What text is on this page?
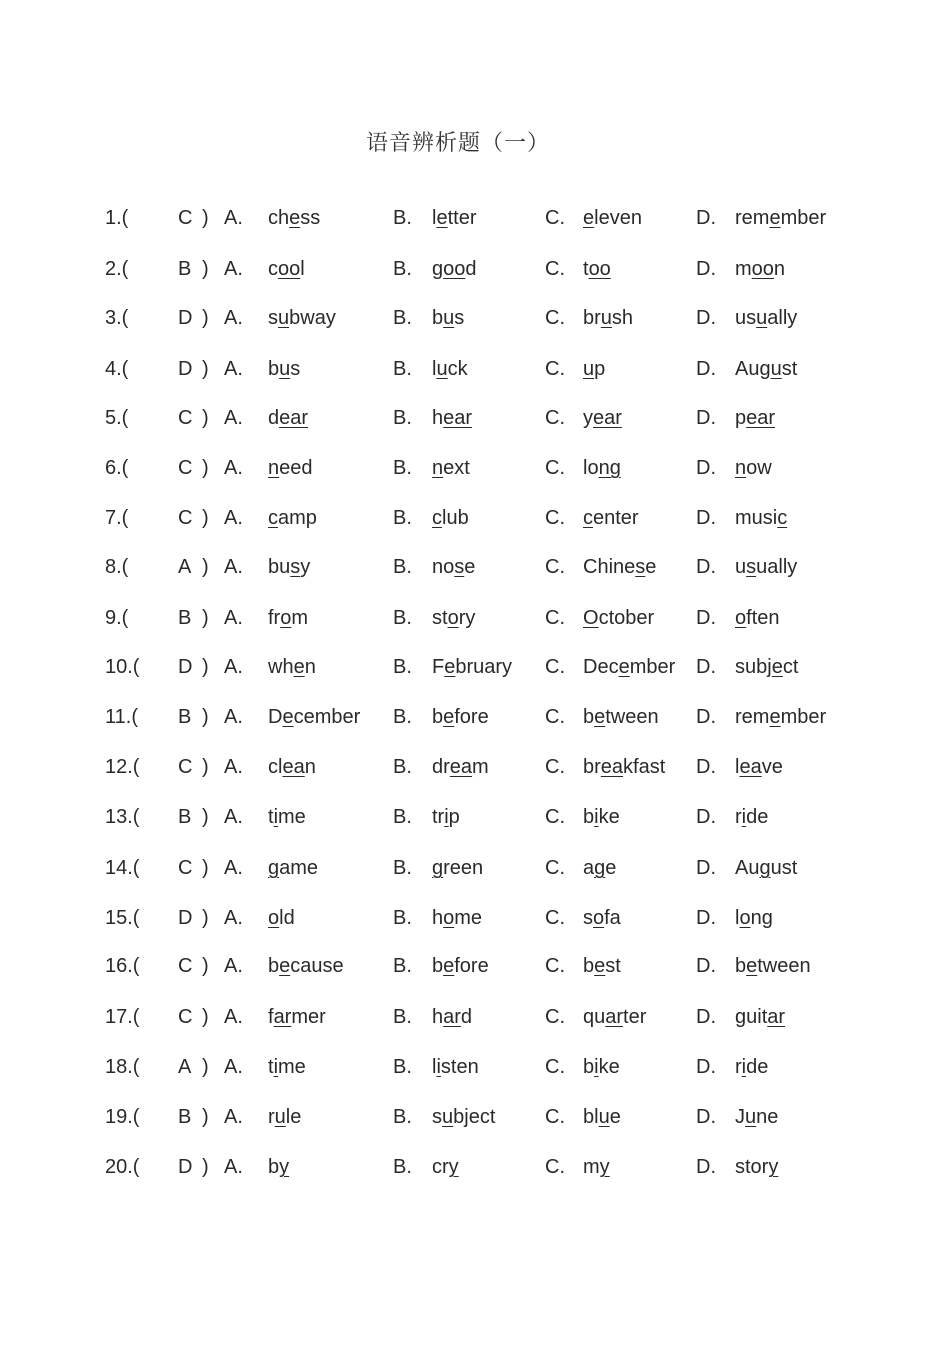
语音辨析题（一）
1.( C ) A. chess	B. letter	C. eleven	D. remember
2.( B ) A. cool	B. good	C. too	D. moon
3.( D ) A. subway	B. bus	C. brush	D. usually
4.( D ) A. bus	B. luck	C. up	D. August
5.( C ) A. dear	B. hear	C. year	D. pear
6.( C ) A. need	B. next	C. long	D. now
7.( C ) A. camp	B. club	C. center	D. music
8.( A ) A. busy	B. nose	C. Chinese D. usually
9.( B ) A. from	B. story	C. October D. often
10.( D ) A. when	B. February C. December D. subject
11.( B ) A. December B. before	C. between D. remember
12.( C ) A. clean	B. dream	C. breakfast D. leave
13.( B ) A. time	B. trip	C. bike	D. ride
14.( C ) A. game	B. green	C. age	D. August
15.( D ) A. old	B. home	C. sofa	D. long
16.( C ) A. because B. before	C. best	D. between
17.( C ) A. farmer	B. hard	C. quarter D. guitar
18.( A ) A. time	B. listen	C. bike	D. ride
19.( B ) A. rule	B. subject C. blue	D. June
20.( D ) A. by	B. cry	C. my	D. story
